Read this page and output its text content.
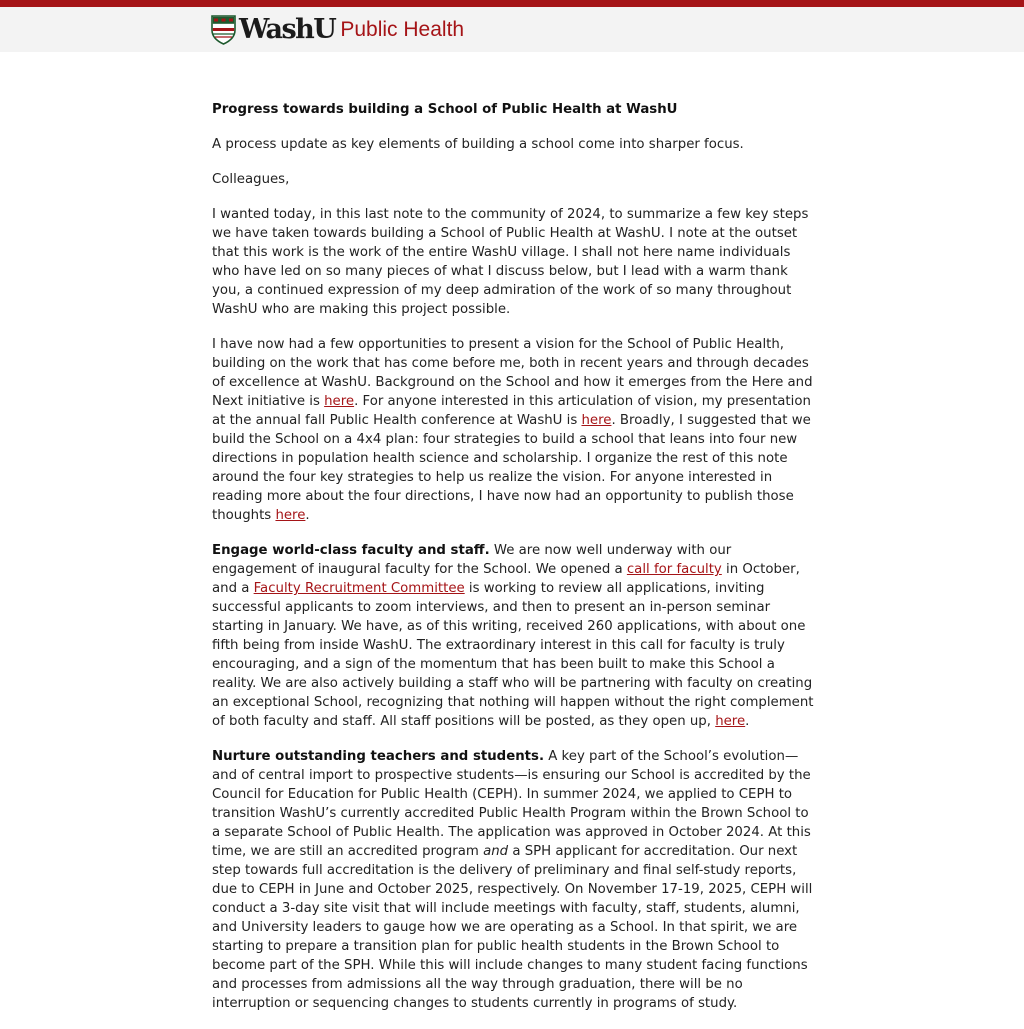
WashU Public Health
Progress towards building a School of Public Health at WashU

A process update as key elements of building a school come into sharper focus.

Colleagues,

I wanted today, in this last note to the community of 2024, to summarize a few key steps we have taken towards building a School of Public Health at WashU. I note at the outset that this work is the work of the entire WashU village. I shall not here name individuals who have led on so many pieces of what I discuss below, but I lead with a warm thank you, a continued expression of my deep admiration of the work of so many throughout WashU who are making this project possible.

I have now had a few opportunities to present a vision for the School of Public Health, building on the work that has come before me, both in recent years and through decades of excellence at WashU. Background on the School and how it emerges from the Here and Next initiative is here. For anyone interested in this articulation of vision, my presentation at the annual fall Public Health conference at WashU is here. Broadly, I suggested that we build the School on a 4x4 plan: four strategies to build a school that leans into four new directions in population health science and scholarship. I organize the rest of this note around the four key strategies to help us realize the vision. For anyone interested in reading more about the four directions, I have now had an opportunity to publish those thoughts here.

Engage world-class faculty and staff. We are now well underway with our engagement of inaugural faculty for the School. We opened a call for faculty in October, and a Faculty Recruitment Committee is working to review all applications, inviting successful applicants to zoom interviews, and then to present an in-person seminar starting in January. We have, as of this writing, received 260 applications, with about one fifth being from inside WashU. The extraordinary interest in this call for faculty is truly encouraging, and a sign of the momentum that has been built to make this School a reality. We are also actively building a staff who will be partnering with faculty on creating an exceptional School, recognizing that nothing will happen without the right complement of both faculty and staff. All staff positions will be posted, as they open up, here.

Nurture outstanding teachers and students. A key part of the School’s evolution—and of central import to prospective students—is ensuring our School is accredited by the Council for Education for Public Health (CEPH). In summer 2024, we applied to CEPH to transition WashU’s currently accredited Public Health Program within the Brown School to a separate School of Public Health. The application was approved in October 2024. At this time, we are still an accredited program and a SPH applicant for accreditation. Our next step towards full accreditation is the delivery of preliminary and final self-study reports, due to CEPH in June and October 2025, respectively. On November 17-19, 2025, CEPH will conduct a 3-day site visit that will include meetings with faculty, staff, students, alumni, and University leaders to gauge how we are operating as a School. In that spirit, we are starting to prepare a transition plan for public health students in the Brown School to become part of the SPH. While this will include changes to many student facing functions and processes from admissions all the way through graduation, there will be no interruption or sequencing changes to students currently in programs of study.
